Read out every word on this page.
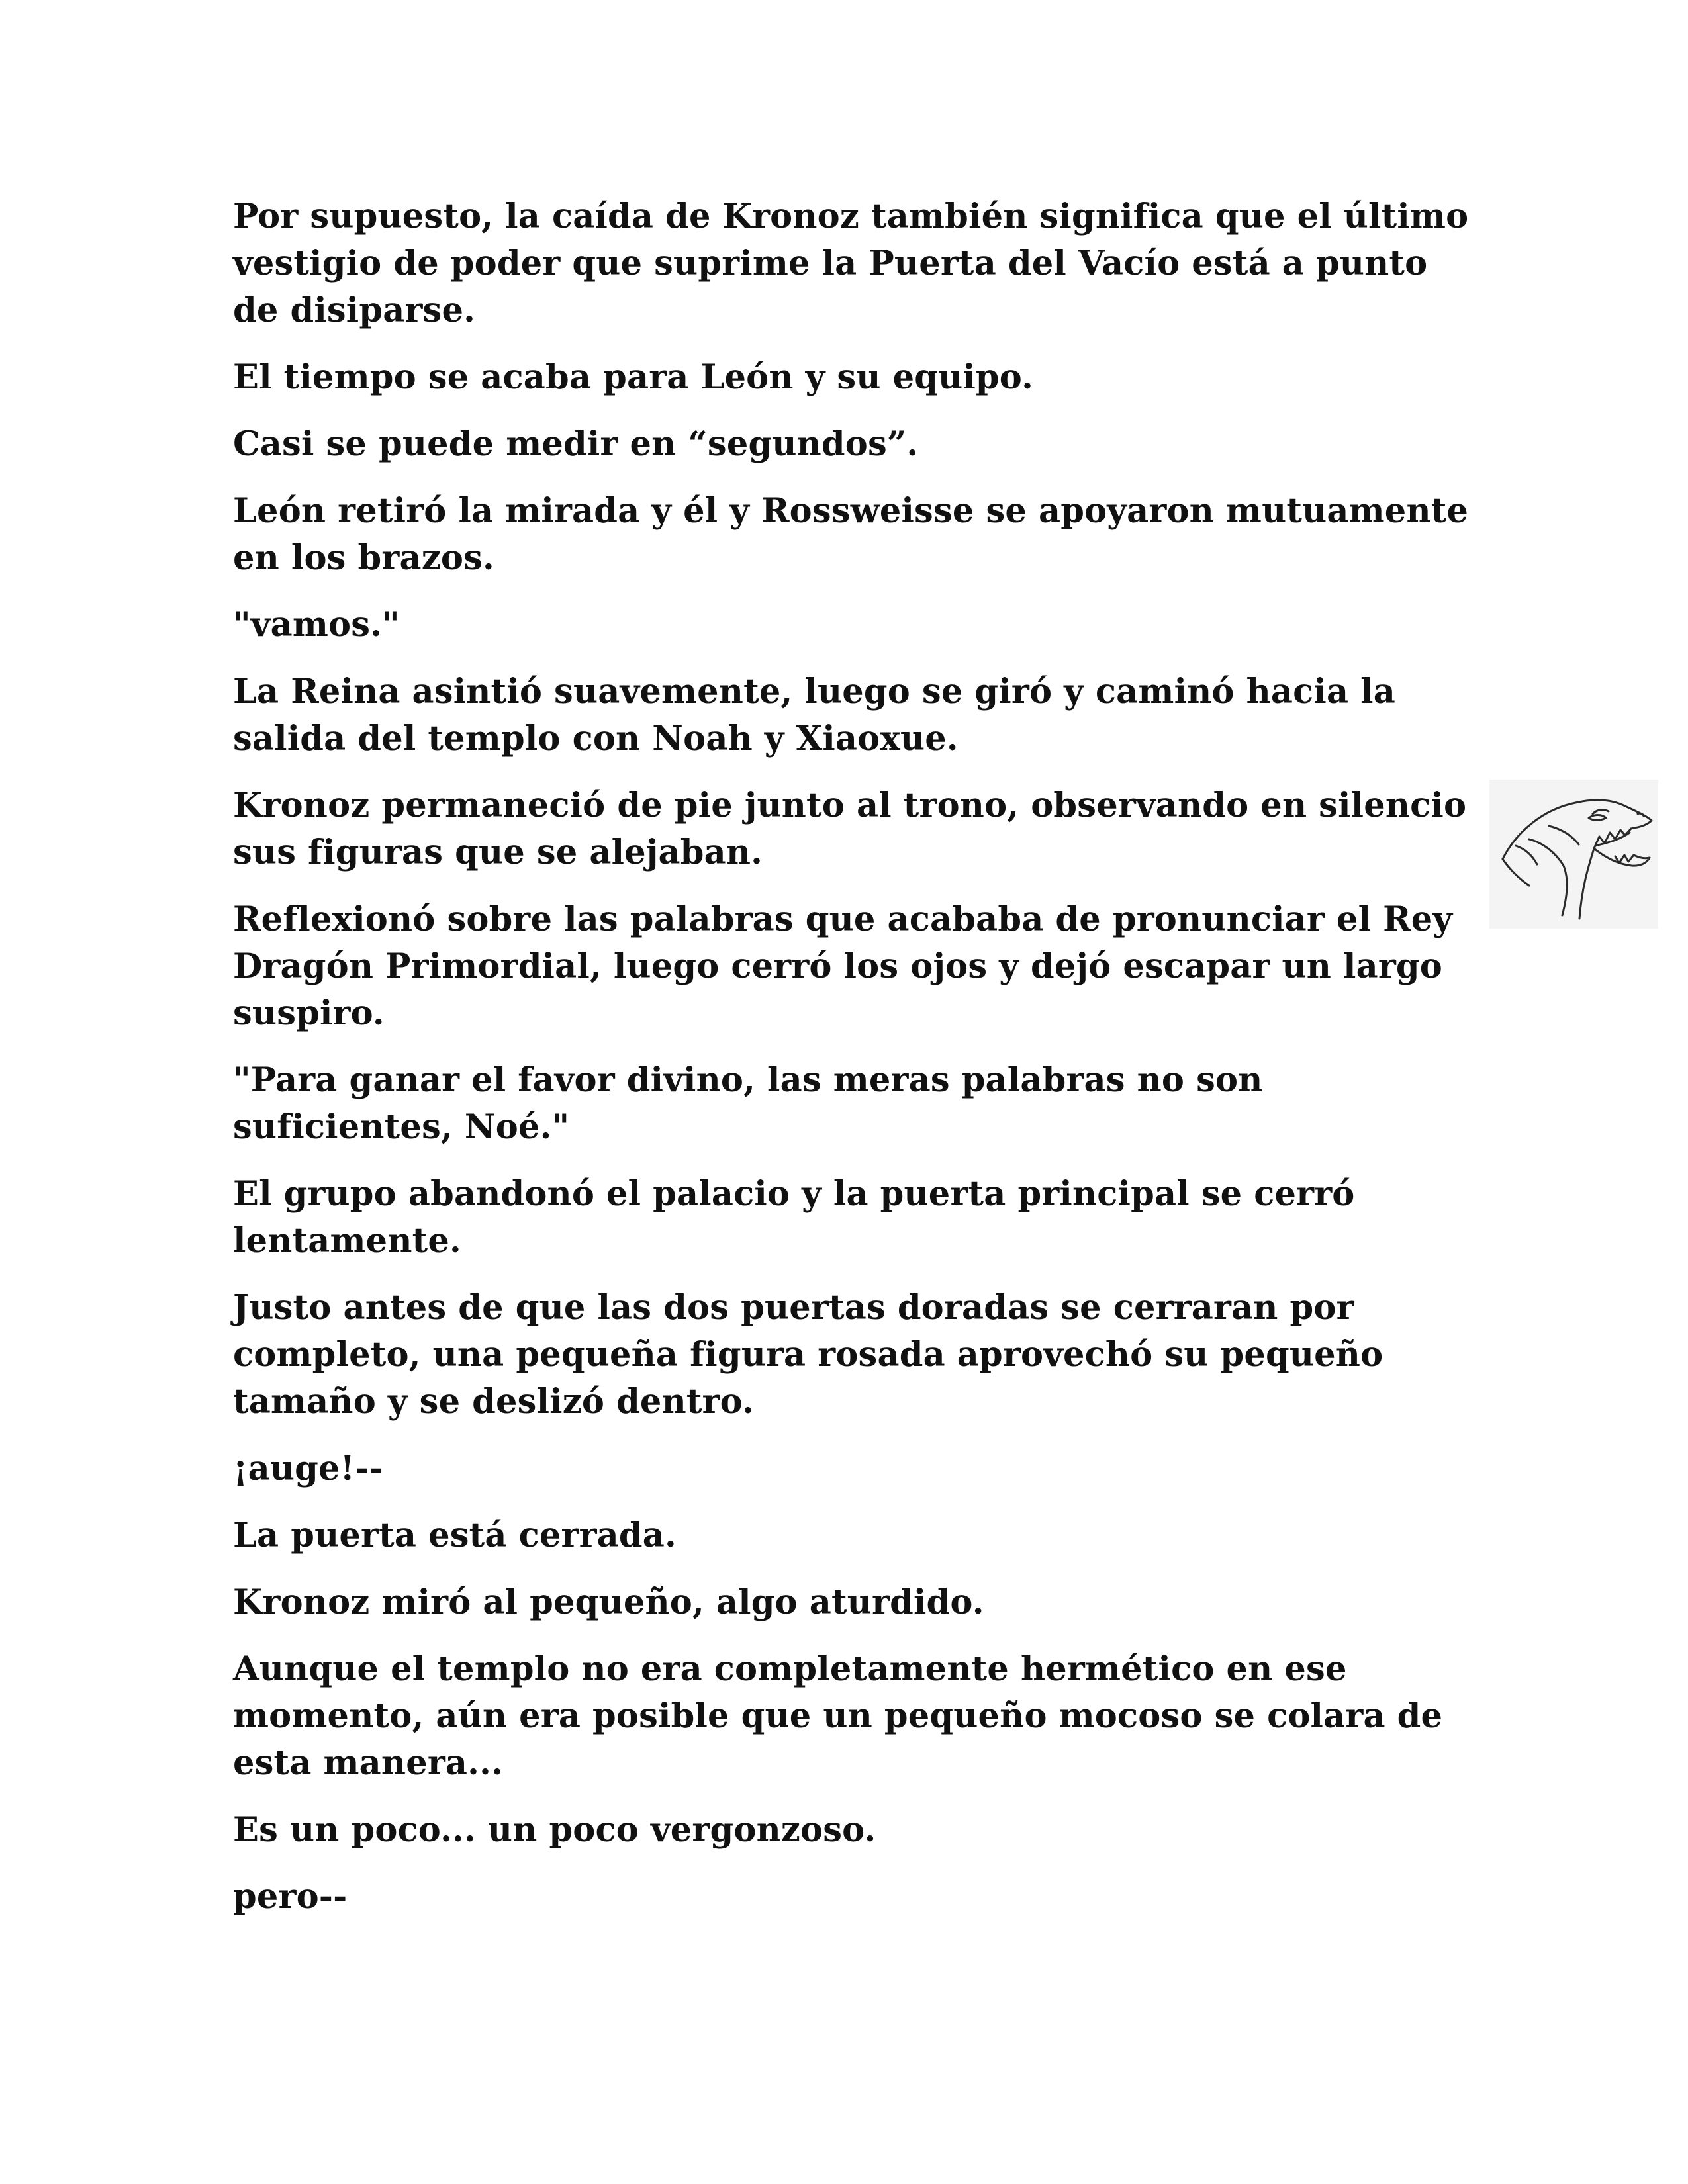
Por supuesto, la caída de Kronoz también significa que el último vestigio de poder que suprime la Puerta del Vacío está a punto de disiparse.

El tiempo se acaba para León y su equipo.

Casi se puede medir en “segundos”.

León retiró la mirada y él y Rossweisse se apoyaron mutuamente en los brazos.

"vamos."

La Reina asintió suavemente, luego se giró y caminó hacia la salida del templo con Noah y Xiaoxue.

Kronoz permaneció de pie junto al trono, observando en silencio sus figuras que se alejaban.

Reflexionó sobre las palabras que acababa de pronunciar el Rey Dragón Primordial, luego cerró los ojos y dejó escapar un largo suspiro.

"Para ganar el favor divino, las meras palabras no son suficientes, Noé."

El grupo abandonó el palacio y la puerta principal se cerró lentamente.

Justo antes de que las dos puertas doradas se cerraran por completo, una pequeña figura rosada aprovechó su pequeño tamaño y se deslizó dentro.

¡auge!--

La puerta está cerrada.

Kronoz miró al pequeño, algo aturdido.

Aunque el templo no era completamente hermético en ese momento, aún era posible que un pequeño mocoso se colara de esta manera...

Es un poco... un poco vergonzoso.

pero--
